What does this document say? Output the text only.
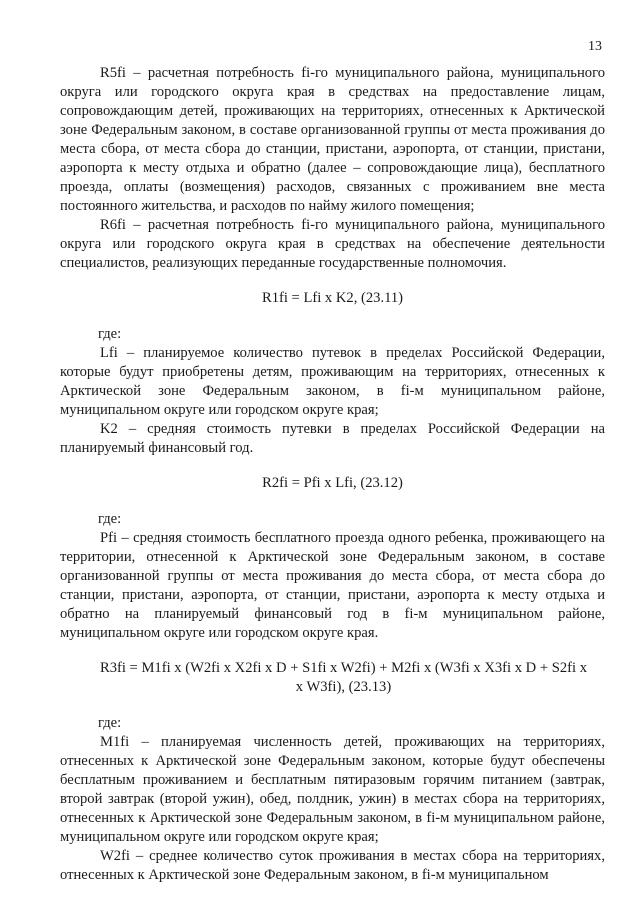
13

R5fi – расчетная потребность fi-го муниципального района, муниципального округа или городского округа края в средствах на предоставление лицам, сопровождающим детей, проживающих на территориях, отнесенных к Арктической зоне Федеральным законом, в составе организованной группы от места проживания до места сбора, от места сбора до станции, пристани, аэропорта, от станции, пристани, аэропорта к месту отдыха и обратно (далее – сопровождающие лица), бесплатного проезда, оплаты (возмещения) расходов, связанных с проживанием вне места постоянного жительства, и расходов по найму жилого помещения;

R6fi – расчетная потребность fi-го муниципального района, муниципального округа или городского округа края в средствах на обеспечение деятельности специалистов, реализующих переданные государственные полномочия.

R1fi = Lfi x K2, (23.11)

где:

Lfi – планируемое количество путевок в пределах Российской Федерации, которые будут приобретены детям, проживающим на территориях, отнесенных к Арктической зоне Федеральным законом, в fi-м муниципальном районе, муниципальном округе или городском округе края;

K2 – средняя стоимость путевки в пределах Российской Федерации на планируемый финансовый год.

R2fi = Pfi x Lfi, (23.12)

где:

Pfi – средняя стоимость бесплатного проезда одного ребенка, проживающего на территории, отнесенной к Арктической зоне Федеральным законом, в составе организованной группы от места проживания до места сбора, от места сбора до станции, пристани, аэропорта, от станции, пристани, аэропорта к месту отдыха и обратно на планируемый финансовый год в fi-м муниципальном районе, муниципальном округе или городском округе края.

R3fi = M1fi x (W2fi x X2fi x D + S1fi x W2fi) + M2fi x (W3fi x X3fi x D + S2fi x

x W3fi), (23.13)

где:

M1fi – планируемая численность детей, проживающих на территориях, отнесенных к Арктической зоне Федеральным законом, которые будут обеспечены бесплатным проживанием и бесплатным пятиразовым горячим питанием (завтрак, второй завтрак (второй ужин), обед, полдник, ужин) в местах сбора на территориях, отнесенных к Арктической зоне Федеральным законом, в fi-м муниципальном районе, муниципальном округе или городском округе края;

W2fi – среднее количество суток проживания в местах сбора на территориях, отнесенных к Арктической зоне Федеральным законом, в fi-м муниципальном
